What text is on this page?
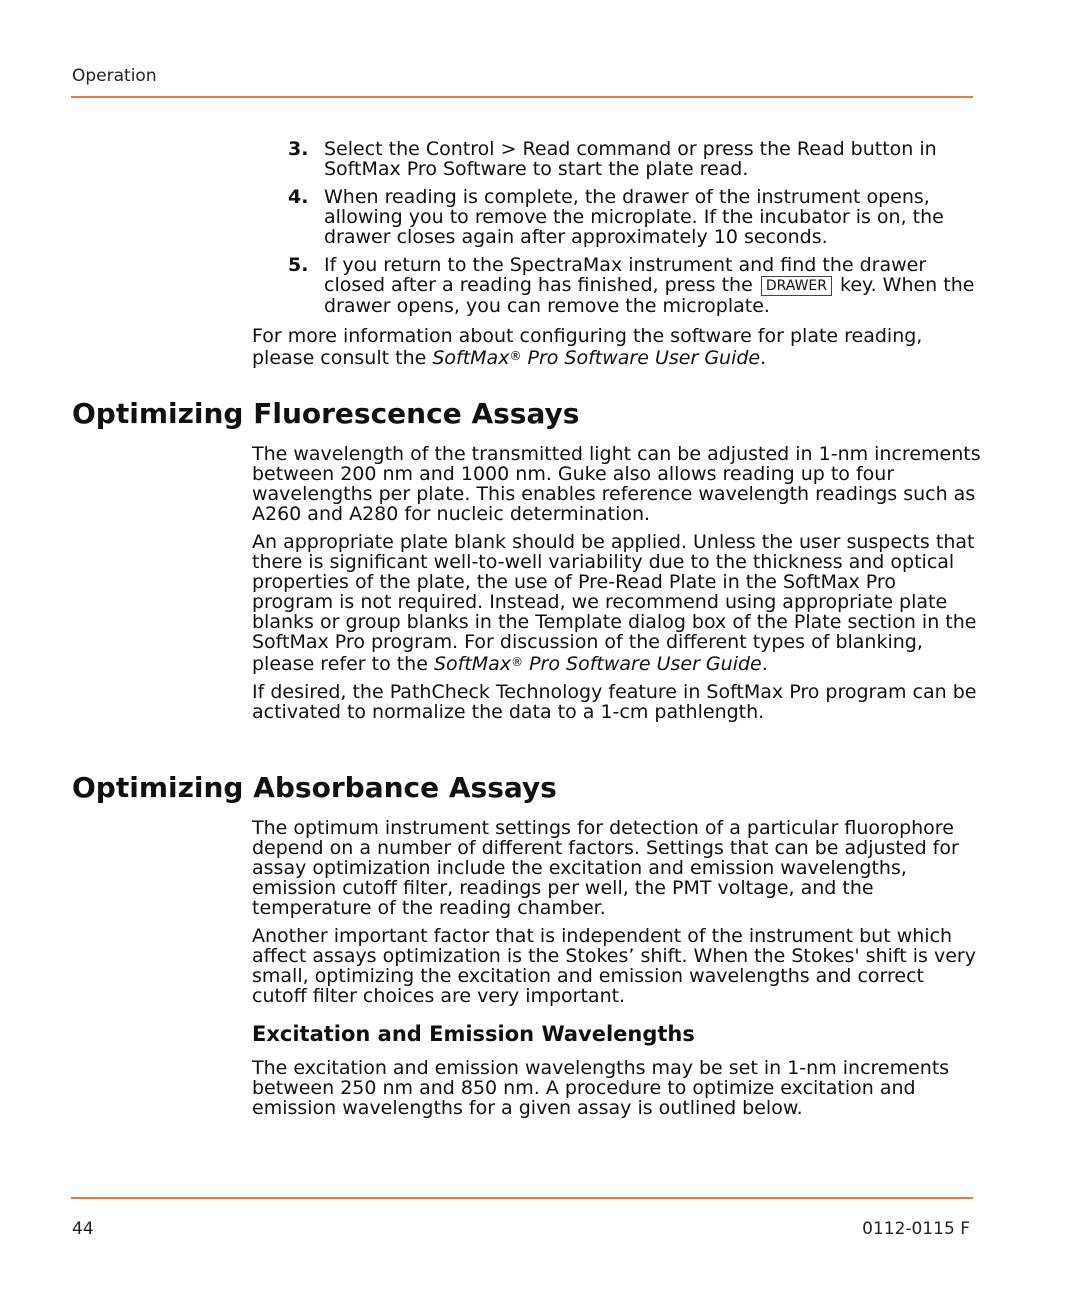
Operation
3. Select the Control > Read command or press the Read button in SoftMax Pro Software to start the plate read.
4. When reading is complete, the drawer of the instrument opens, allowing you to remove the microplate. If the incubator is on, the drawer closes again after approximately 10 seconds.
5. If you return to the SpectraMax instrument and find the drawer closed after a reading has finished, press the DRAWER key. When the drawer opens, you can remove the microplate.

For more information about configuring the software for plate reading, please consult the SoftMax® Pro Software User Guide.

Optimizing Fluorescence Assays

The wavelength of the transmitted light can be adjusted in 1-nm increments between 200 nm and 1000 nm. Guke also allows reading up to four wavelengths per plate. This enables reference wavelength readings such as A260 and A280 for nucleic determination.

An appropriate plate blank should be applied. Unless the user suspects that there is significant well-to-well variability due to the thickness and optical properties of the plate, the use of Pre-Read Plate in the SoftMax Pro program is not required. Instead, we recommend using appropriate plate blanks or group blanks in the Template dialog box of the Plate section in the SoftMax Pro program. For discussion of the different types of blanking, please refer to the SoftMax® Pro Software User Guide.

If desired, the PathCheck Technology feature in SoftMax Pro program can be activated to normalize the data to a 1-cm pathlength.

Optimizing Absorbance Assays

The optimum instrument settings for detection of a particular fluorophore depend on a number of different factors. Settings that can be adjusted for assay optimization include the excitation and emission wavelengths, emission cutoff filter, readings per well, the PMT voltage, and the temperature of the reading chamber.

Another important factor that is independent of the instrument but which affect assays optimization is the Stokes’ shift. When the Stokes' shift is very small, optimizing the excitation and emission wavelengths and correct cutoff filter choices are very important.

Excitation and Emission Wavelengths

The excitation and emission wavelengths may be set in 1-nm increments between 250 nm and 850 nm. A procedure to optimize excitation and emission wavelengths for a given assay is outlined below.

44	0112-0115 F
